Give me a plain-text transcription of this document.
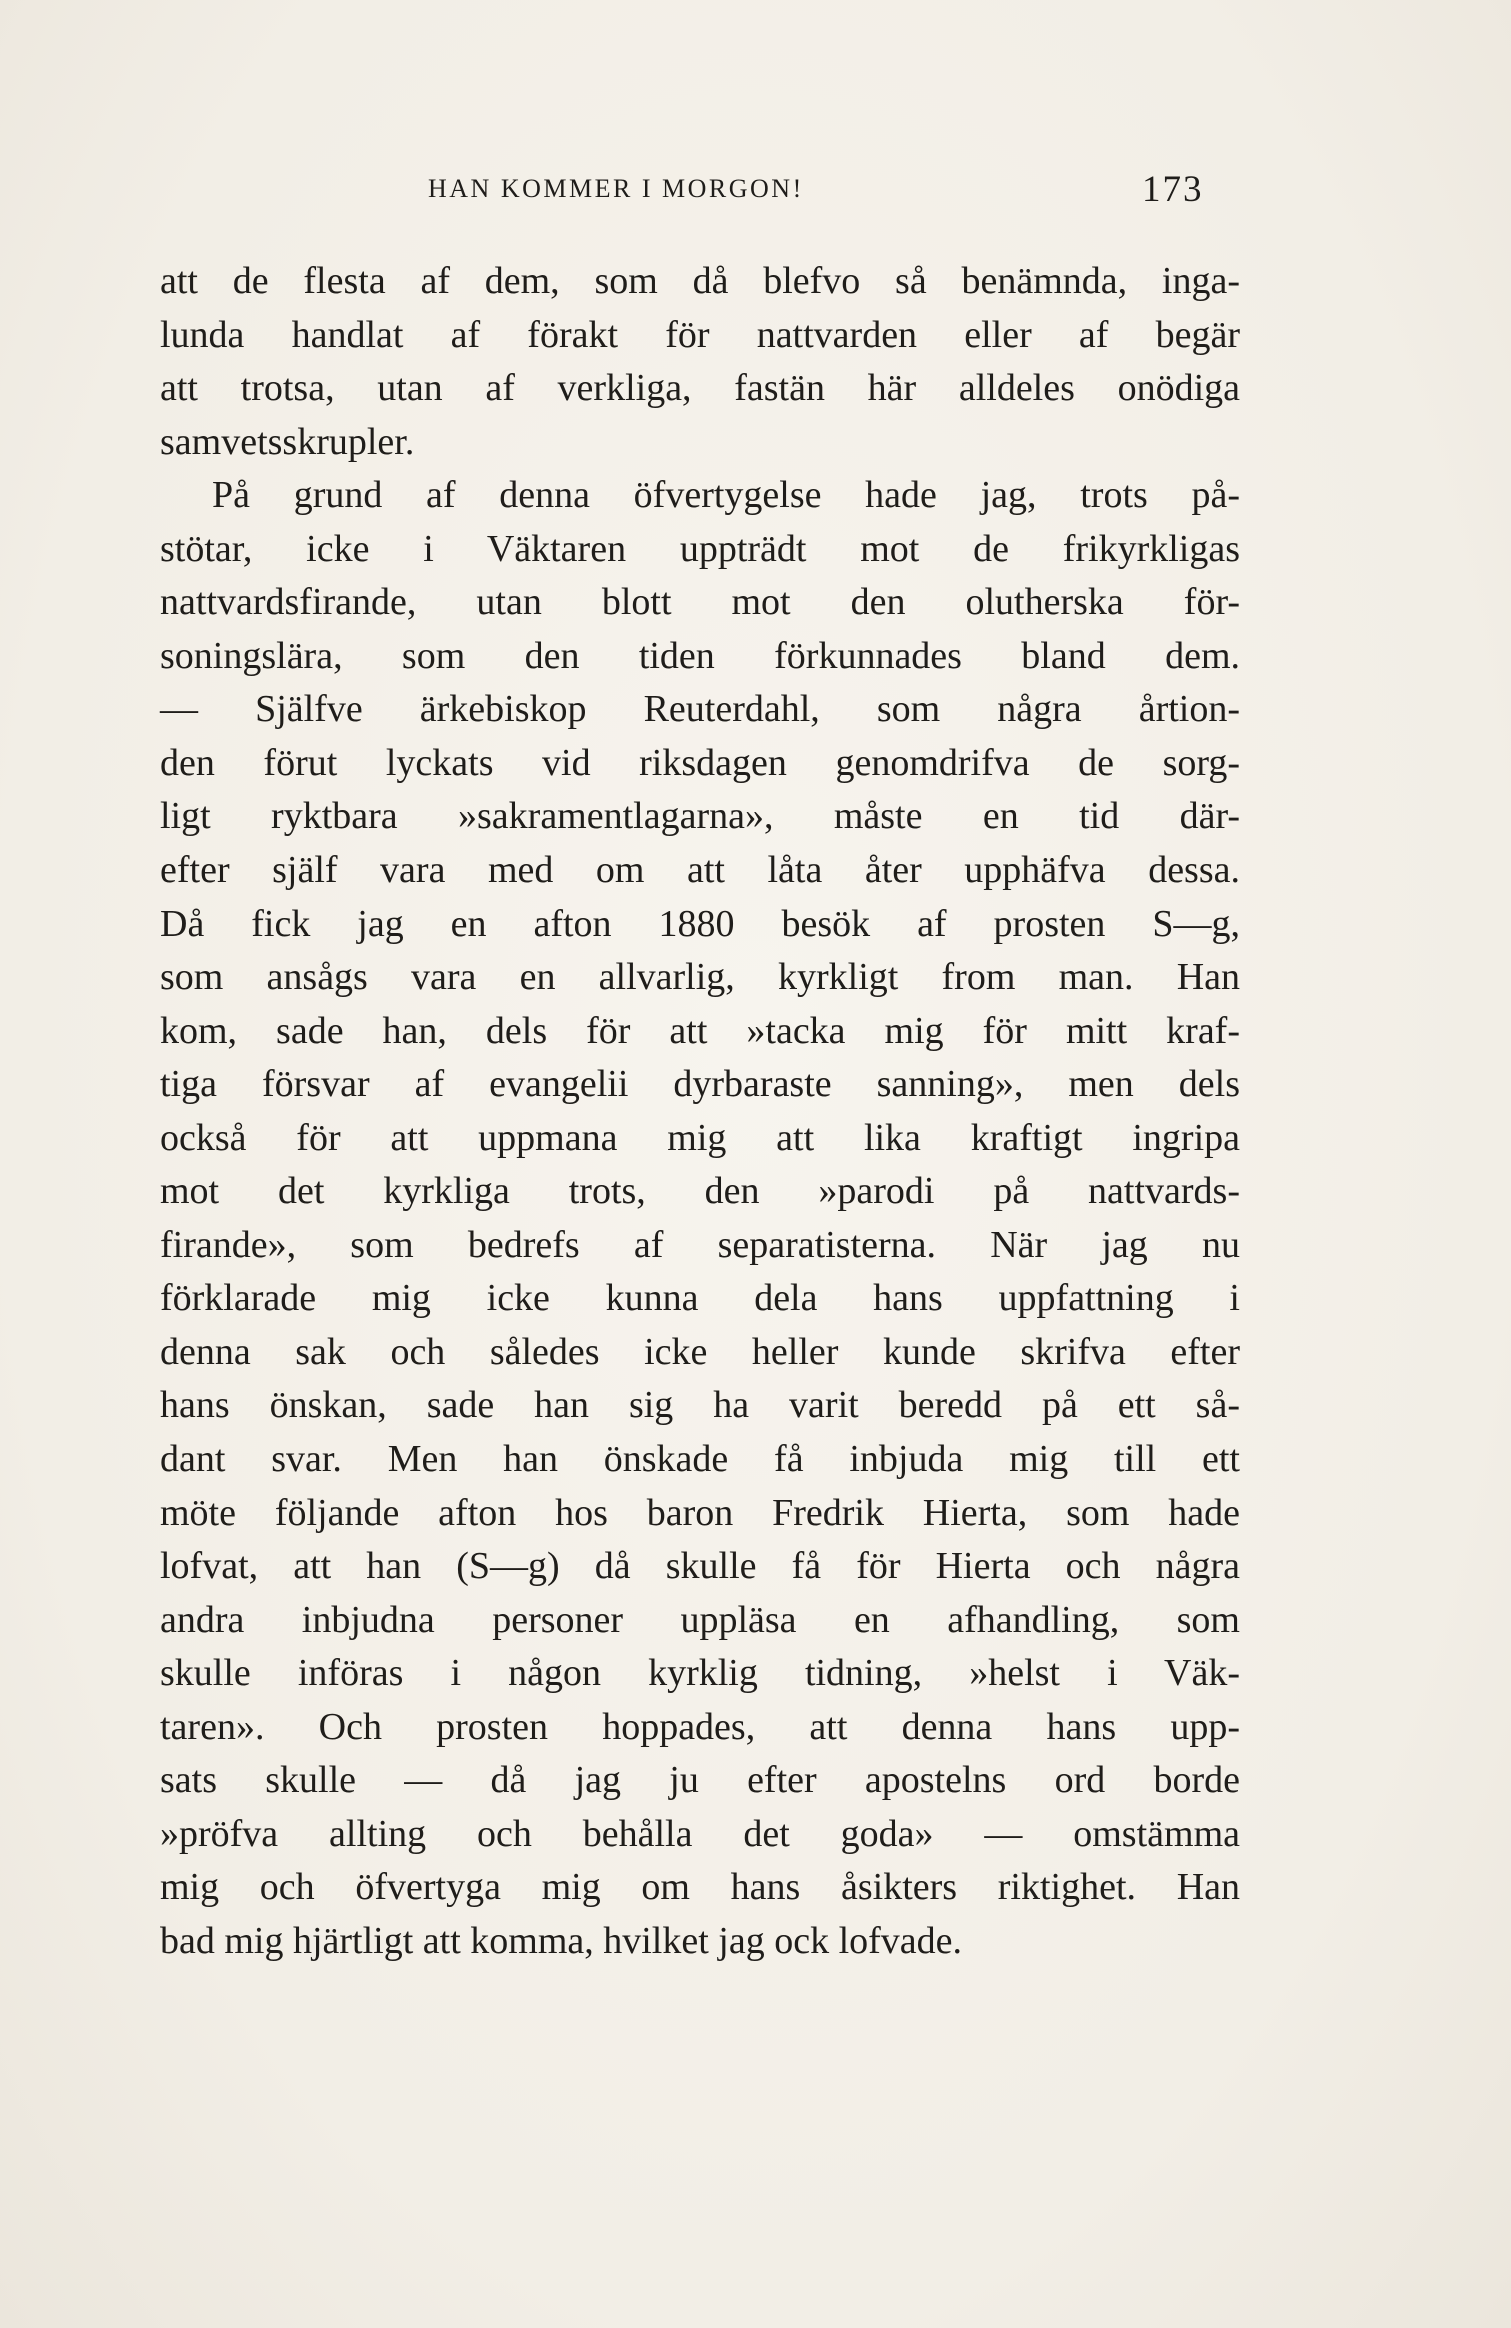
HAN KOMMER I MORGON!	173
att de flesta af dem, som då blefvo så benämnda, inga-
lunda handlat af förakt för nattvarden eller af begär
att trotsa, utan af verkliga, fastän här alldeles onödiga
samvetsskrupler.
På grund af denna öfvertygelse hade jag, trots på-
stötar, icke i Väktaren uppträdt mot de frikyrkligas
nattvardsfirande, utan blott mot den olutherska för-
soningslära, som den tiden förkunnades bland dem.
— Själfve ärkebiskop Reuterdahl, som några årtion-
den förut lyckats vid riksdagen genomdrifva de sorg-
ligt ryktbara »sakramentlagarna», måste en tid där-
efter själf vara med om att låta åter upphäfva dessa.
Då fick jag en afton 1880 besök af prosten S—g,
som ansågs vara en allvarlig, kyrkligt from man. Han
kom, sade han, dels för att »tacka mig för mitt kraf-
tiga försvar af evangelii dyrbaraste sanning», men dels
också för att uppmana mig att lika kraftigt ingripa
mot det kyrkliga trots, den »parodi på nattvards-
firande», som bedrefs af separatisterna. När jag nu
förklarade mig icke kunna dela hans uppfattning i
denna sak och således icke heller kunde skrifva efter
hans önskan, sade han sig ha varit beredd på ett så-
dant svar. Men han önskade få inbjuda mig till ett
möte följande afton hos baron Fredrik Hierta, som hade
lofvat, att han (S—g) då skulle få för Hierta och några
andra inbjudna personer uppläsa en afhandling, som
skulle införas i någon kyrklig tidning, »helst i Väk-
taren». Och prosten hoppades, att denna hans upp-
sats skulle — då jag ju efter apostelns ord borde
»pröfva allting och behålla det goda» — omstämma
mig och öfvertyga mig om hans åsikters riktighet. Han
bad mig hjärtligt att komma, hvilket jag ock lofvade.
